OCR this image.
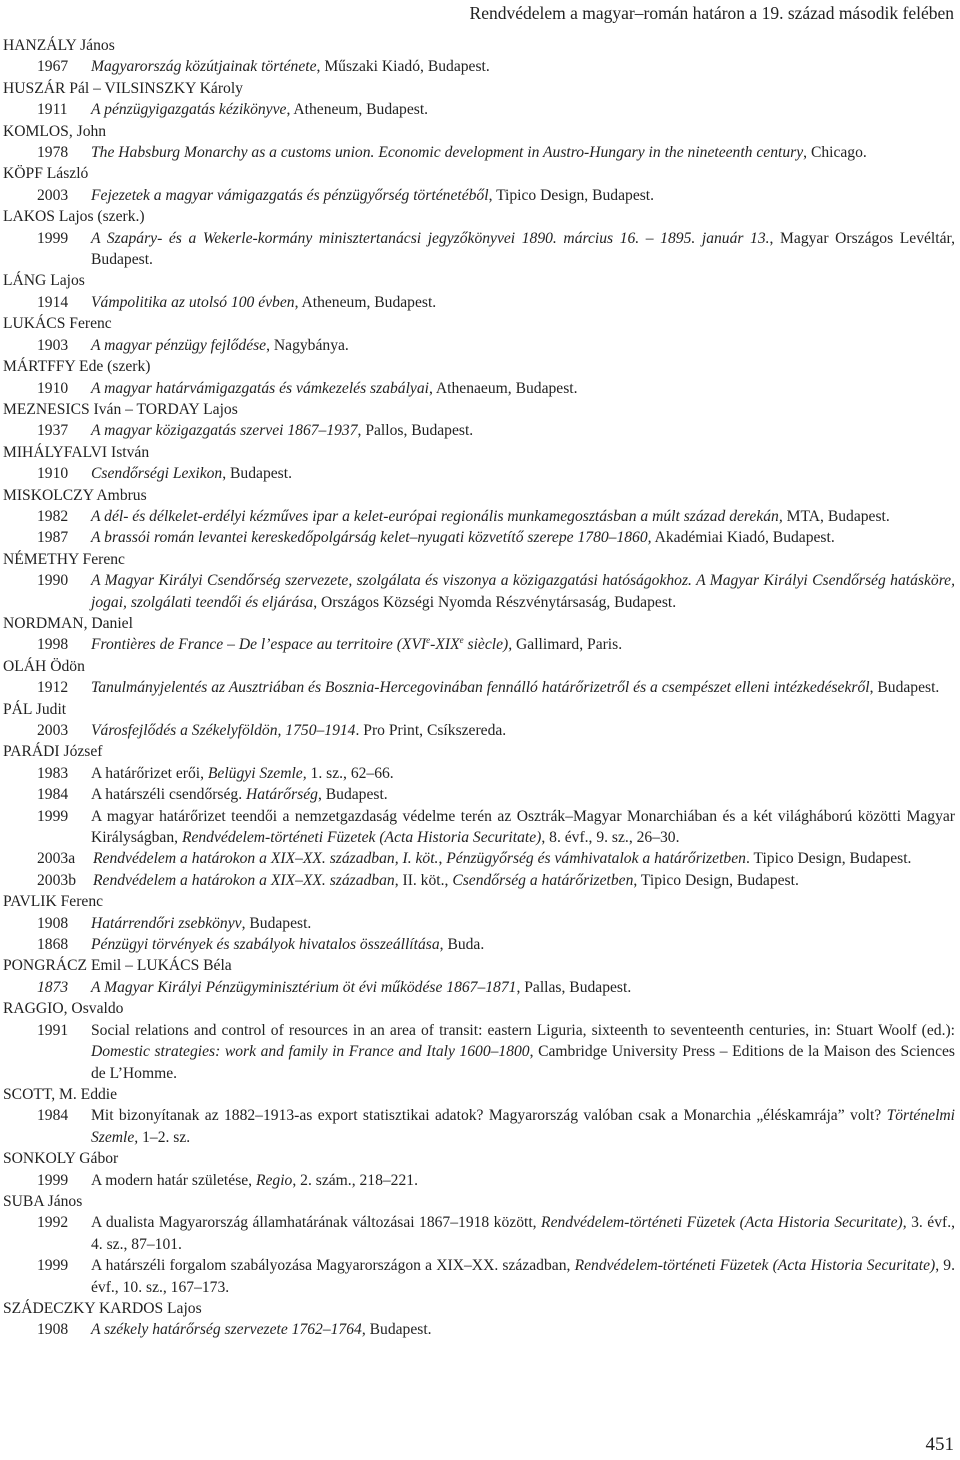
Rendvédelem a magyar–román határon a 19. század második felében
HANZÁLY János
1967	Magyarország közútjainak története, Műszaki Kiadó, Budapest.
HUSZÁR Pál – VILSINSZKY Károly
1911	A pénzügyigazgatás kézikönyve, Atheneum, Budapest.
KOMLOS, John
1978	The Habsburg Monarchy as a customs union. Economic development in Austro-Hungary in the nineteenth century, Chicago.
KÖPF László
2003	Fejezetek a magyar vámigazgatás és pénzügyőrség történetéből, Tipico Design, Budapest.
LAKOS Lajos (szerk.)
1999	A Szapáry- és a Wekerle-kormány minisztertanácsi jegyzőkönyvei 1890. március 16. – 1895. január 13., Magyar Országos Levéltár, Budapest.
LÁNG Lajos
1914	Vámpolitika az utolsó 100 évben, Atheneum, Budapest.
LUKÁCS Ferenc
1903	A magyar pénzügy fejlődése, Nagybánya.
MÁRTFFY Ede (szerk)
1910	A magyar határvámigazgatás és vámkezelés szabályai, Athenaeum, Budapest.
MEZNESICS Iván – TORDAY Lajos
1937	A magyar közigazgatás szervei 1867–1937, Pallos, Budapest.
MIHÁLYFALVI István
1910	Csendőrségi Lexikon, Budapest.
MISKOLCZY Ambrus
1982	A dél- és délkelet-erdélyi kézműves ipar a kelet-európai regionális munkamegosztásban a múlt század derekán, MTA, Budapest.
1987	A brassói román levantei kereskedőpolgárság kelet–nyugati közvetítő szerepe 1780–1860, Akadémiai Kiadó, Budapest.
NÉMETHY Ferenc
1990	A Magyar Királyi Csendőrség szervezete, szolgálata és viszonya a közigazgatási hatóságokhoz. A Magyar Királyi Csendőrség hatásköre, jogai, szolgálati teendői és eljárása, Országos Községi Nyomda Részvénytársaság, Budapest.
NORDMAN, Daniel
1998	Frontières de France – De l’espace au territoire (XVIe-XIXe siècle), Gallimard, Paris.
OLÁH Ödön
1912	Tanulmányjelentés az Ausztriában és Bosznia-Hercegovinában fennálló határőrizetről és a csempészet elleni intézkedésekről, Budapest.
PÁL Judit
2003	Városfejlődés a Székelyföldön, 1750–1914. Pro Print, Csíkszereda.
PARÁDI József
1983	A határőrizet erői, Belügyi Szemle, 1. sz., 62–66.
1984	A határszéli csendőrség. Határőrség, Budapest.
1999	A magyar határőrizet teendői a nemzetgazdaság védelme terén az Osztrák–Magyar Monarchiában és a két világháború közötti Magyar Királyságban, Rendvédelem-történeti Füzetek (Acta Historia Securitate), 8. évf., 9. sz., 26–30.
2003a	Rendvédelem a határokon a XIX–XX. században, I. köt., Pénzügyőrség és vámhivatalok a határőrizetben. Tipico Design, Budapest.
2003b	Rendvédelem a határokon a XIX–XX. században, II. köt., Csendőrség a határőrizetben, Tipico Design, Budapest.
PAVLIK Ferenc
1908	Határrendőri zsebkönyv, Budapest.
1868	Pénzügyi törvények és szabályok hivatalos összeállítása, Buda.
PONGRÁCZ Emil – LUKÁCS Béla
1873	A Magyar Királyi Pénzügyminisztérium öt évi működése 1867–1871, Pallas, Budapest.
RAGGIO, Osvaldo
1991	Social relations and control of resources in an area of transit: eastern Liguria, sixteenth to seventeenth centuries, in: Stuart Woolf (ed.): Domestic strategies: work and family in France and Italy 1600–1800, Cambridge University Press – Editions de la Maison des Sciences de L’Homme.
SCOTT, M. Eddie
1984	Mit bizonyítanak az 1882–1913-as export statisztikai adatok? Magyarország valóban csak a Monarchia „éléskamrája” volt? Történelmi Szemle, 1–2. sz.
SONKOLY Gábor
1999	A modern határ születése, Regio, 2. szám., 218–221.
SUBA János
1992	A dualista Magyarország államhatárának változásai 1867–1918 között, Rendvédelem-történeti Füzetek (Acta Historia Securitate), 3. évf., 4. sz., 87–101.
1999	A határszéli forgalom szabályozása Magyarországon a XIX–XX. században, Rendvédelem-történeti Füzetek (Acta Historia Securitate), 9. évf., 10. sz., 167–173.
SZÁDECZKY KARDOS Lajos
1908	A székely határőrség szervezete 1762–1764, Budapest.
451
